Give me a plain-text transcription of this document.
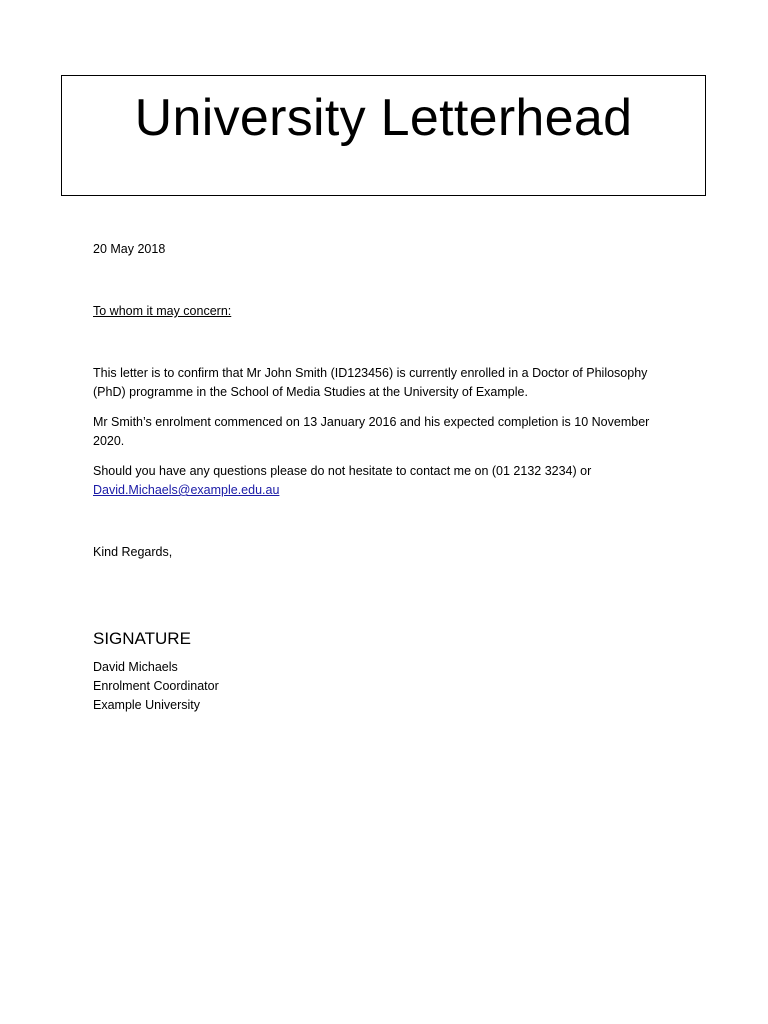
University Letterhead

20 May 2018

To whom it may concern:

This letter is to confirm that Mr John Smith (ID123456) is currently enrolled in a Doctor of Philosophy (PhD) programme in the School of Media Studies at the University of Example.

Mr Smith’s enrolment commenced on 13 January 2016 and his expected completion is 10 November 2020.

Should you have any questions please do not hesitate to contact me on (01 2132 3234) or
David.Michaels@example.edu.au

Kind Regards,

SIGNATURE

David Michaels
Enrolment Coordinator
Example University
